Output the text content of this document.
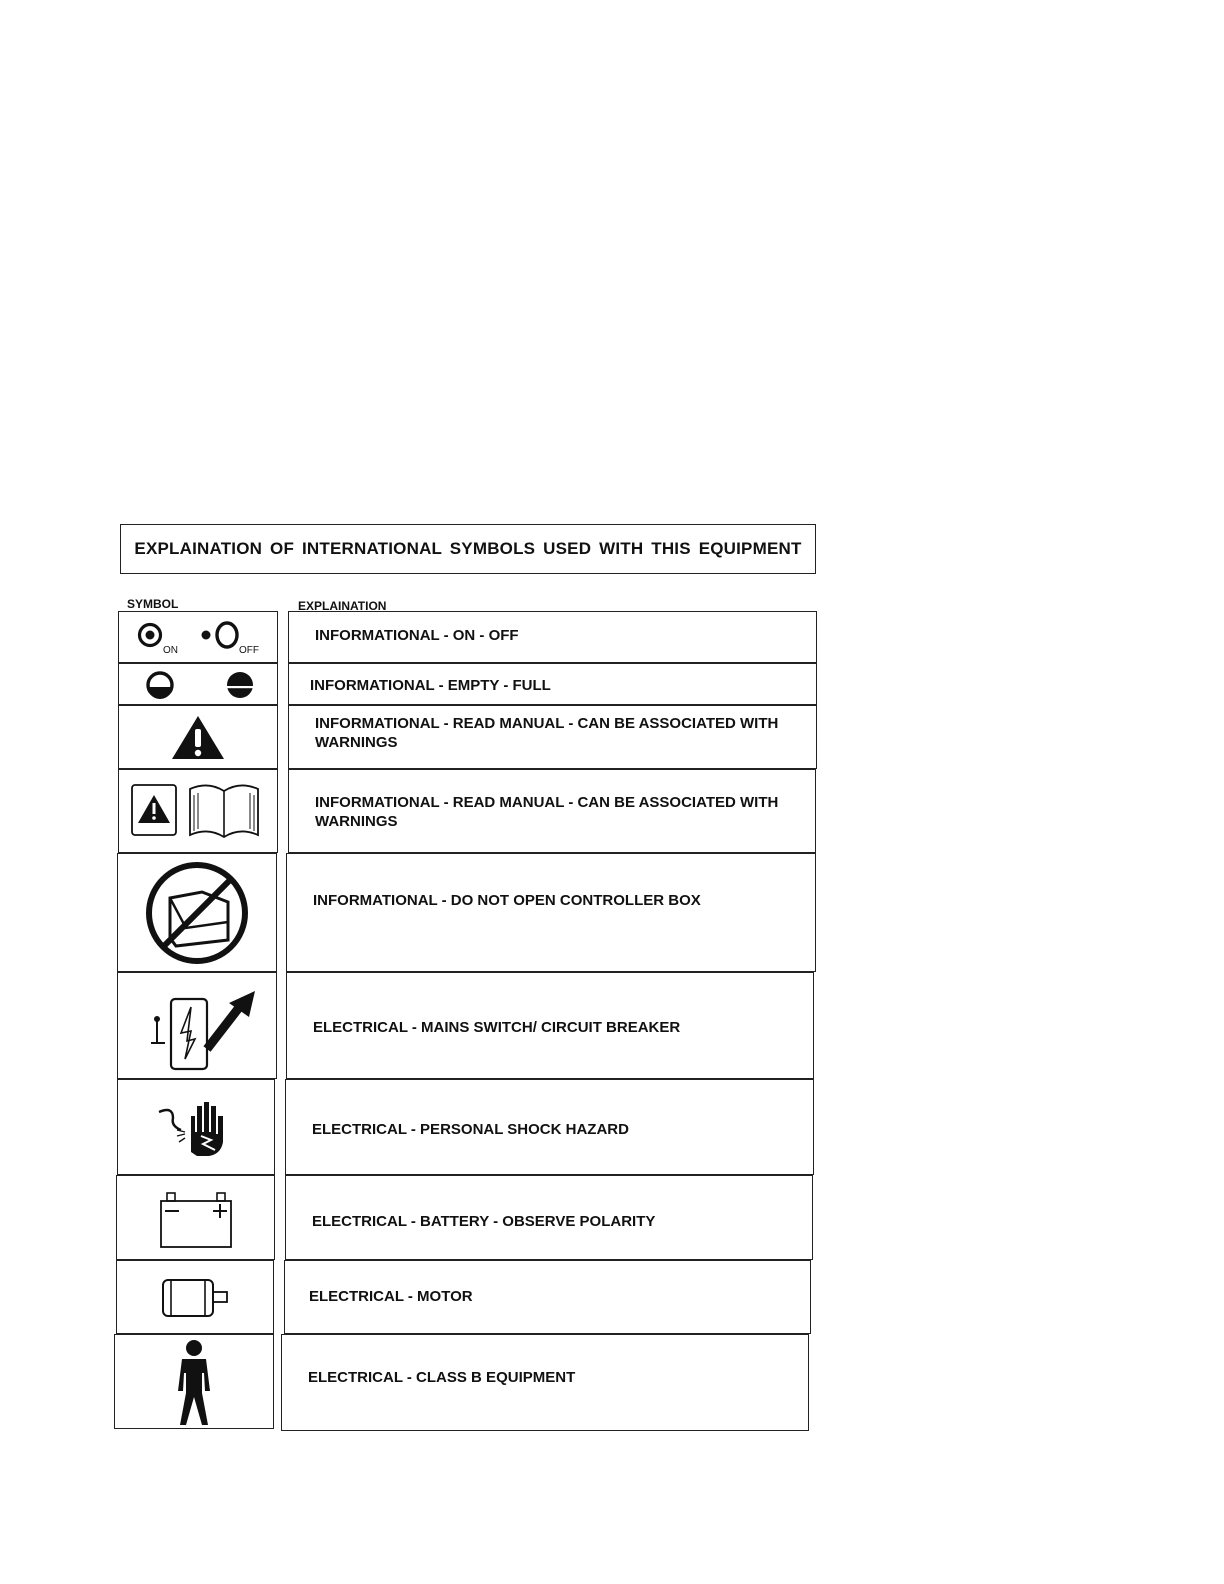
EXPLAINATION OF INTERNATIONAL SYMBOLS USED WITH THIS EQUIPMENT
SYMBOL	EXPLAINATION
ON	OFF
INFORMATIONAL - ON - OFF
INFORMATIONAL - EMPTY - FULL
INFORMATIONAL - READ MANUAL - CAN BE ASSOCIATED WITH WARNINGS
INFORMATIONAL - READ MANUAL - CAN BE ASSOCIATED WITH WARNINGS
INFORMATIONAL - DO NOT OPEN CONTROLLER BOX
ELECTRICAL - MAINS SWITCH/ CIRCUIT BREAKER
ELECTRICAL - PERSONAL SHOCK HAZARD
ELECTRICAL - BATTERY - OBSERVE POLARITY
ELECTRICAL - MOTOR
ELECTRICAL - CLASS B EQUIPMENT
